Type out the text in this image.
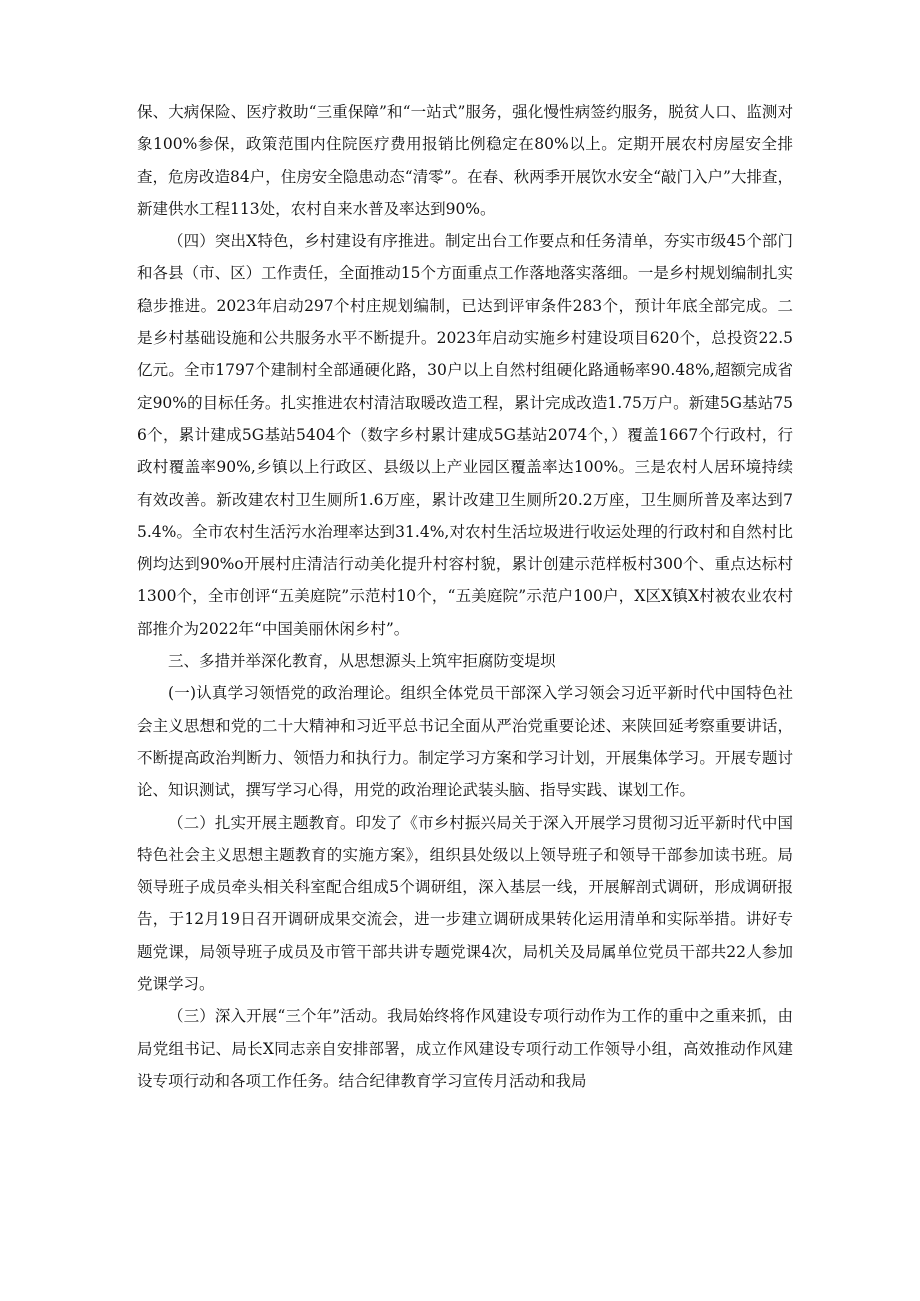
保、大病保险、医疗救助“三重保障”和“一站式”服务，强化慢性病签约服务，脱贫人口、监测对象100%参保，政策范围内住院医疗费用报销比例稳定在80%以上。定期开展农村房屋安全排查，危房改造84户，住房安全隐患动态“清零”。在春、秋两季开展饮水安全“敲门入户”大排查，新建供水工程113处，农村自来水普及率达到90%。

（四）突出X特色，乡村建设有序推进。制定出台工作要点和任务清单，夯实市级45个部门和各县（市、区）工作责任，全面推动15个方面重点工作落地落实落细。一是乡村规划编制扎实稳步推进。2023年启动297个村庄规划编制，已达到评审条件283个，预计年底全部完成。二是乡村基础设施和公共服务水平不断提升。2023年启动实施乡村建设项目620个，总投资22.5亿元。全市1797个建制村全部通硬化路，30户以上自然村组硬化路通畅率90.48%,超额完成省定90%的目标任务。扎实推进农村清洁取暖改造工程，累计完成改造1.75万户。新建5G基站756个，累计建成5G基站5404个（数字乡村累计建成5G基站2074个，）覆盖1667个行政村，行政村覆盖率90%,乡镇以上行政区、县级以上产业园区覆盖率达100%。三是农村人居环境持续有效改善。新改建农村卫生厕所1.6万座，累计改建卫生厕所20.2万座，卫生厕所普及率达到75.4%。全市农村生活污水治理率达到31.4%,对农村生活垃圾进行收运处理的行政村和自然村比例均达到90%o开展村庄清洁行动美化提升村容村貌，累计创建示范样板村300个、重点达标村1300个，全市创评“五美庭院”示范村10个，“五美庭院”示范户100户，X区X镇X村被农业农村部推介为2022年“中国美丽休闲乡村”。

三、多措并举深化教育，从思想源头上筑牢拒腐防变堤坝

(一)认真学习领悟党的政治理论。组织全体党员干部深入学习领会习近平新时代中国特色社会主义思想和党的二十大精神和习近平总书记全面从严治党重要论述、来陕回延考察重要讲话，不断提高政治判断力、领悟力和执行力。制定学习方案和学习计划，开展集体学习。开展专题讨论、知识测试，撰写学习心得，用党的政治理论武装头脑、指导实践、谋划工作。

（二）扎实开展主题教育。印发了《市乡村振兴局关于深入开展学习贯彻习近平新时代中国特色社会主义思想主题教育的实施方案》，组织县处级以上领导班子和领导干部参加读书班。局领导班子成员牵头相关科室配合组成5个调研组，深入基层一线，开展解剖式调研，形成调研报告，于12月19日召开调研成果交流会，进一步建立调研成果转化运用清单和实际举措。讲好专题党课，局领导班子成员及市管干部共讲专题党课4次，局机关及局属单位党员干部共22人参加党课学习。

（三）深入开展“三个年”活动。我局始终将作风建设专项行动作为工作的重中之重来抓，由局党组书记、局长X同志亲自安排部署，成立作风建设专项行动工作领导小组，高效推动作风建设专项行动和各项工作任务。结合纪律教育学习宣传月活动和我局
